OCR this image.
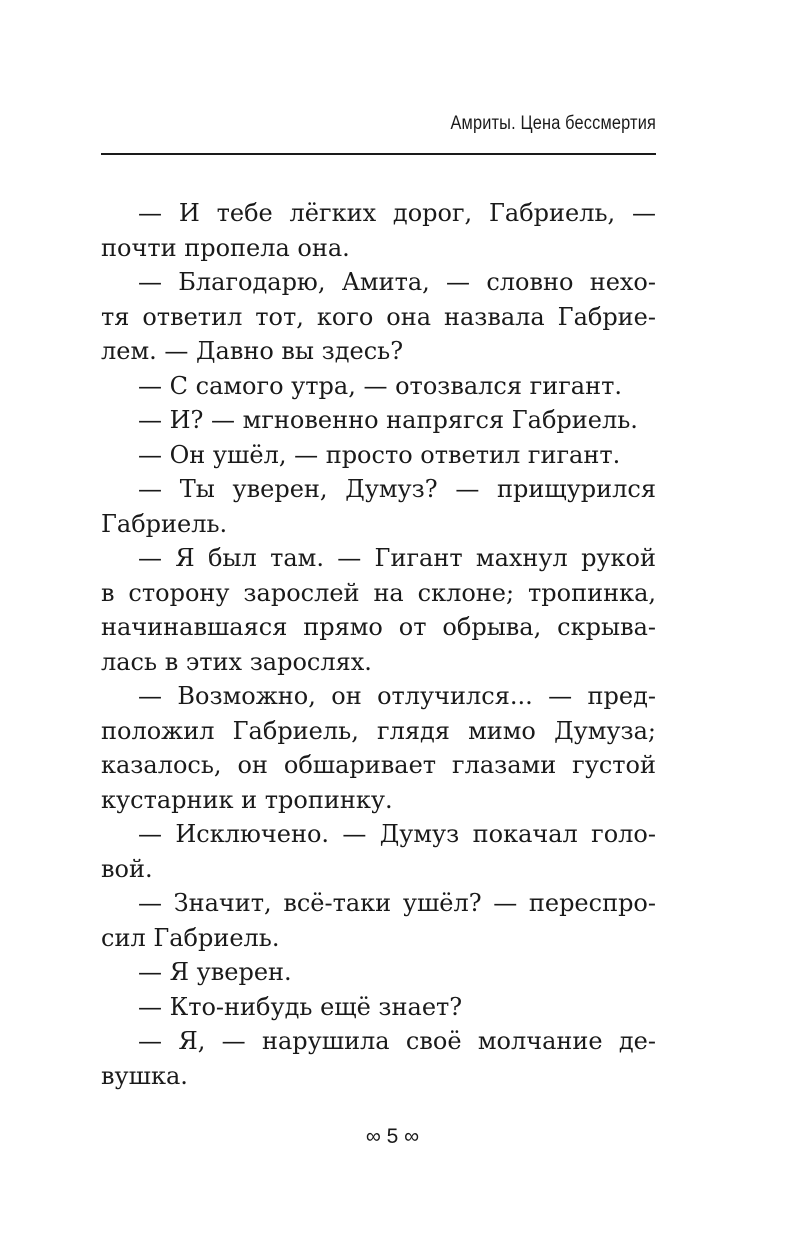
Амриты. Цена бессмертия
— И тебе лёгких дорог, Габриель, —
почти пропела она.
— Благодарю, Амита, — словно нехо-
тя ответил тот, кого она назвала Габрие-
лем. — Давно вы здесь?
— С самого утра, — отозвался гигант.
— И? — мгновенно напрягся Габриель.
— Он ушёл, — просто ответил гигант.
— Ты уверен, Думуз? — прищурился
Габриель.
— Я был там. — Гигант махнул рукой
в сторону зарослей на склоне; тропинка,
начинавшаяся прямо от обрыва, скрыва-
лась в этих зарослях.
— Возможно, он отлучился... — пред-
положил Габриель, глядя мимо Думуза;
казалось, он обшаривает глазами густой
кустарник и тропинку.
— Исключено. — Думуз покачал голо-
вой.
— Значит, всё-таки ушёл? — переспро-
сил Габриель.
— Я уверен.
— Кто-нибудь ещё знает?
— Я, — нарушила своё молчание де-
вушка.
∞ 5 ∞
